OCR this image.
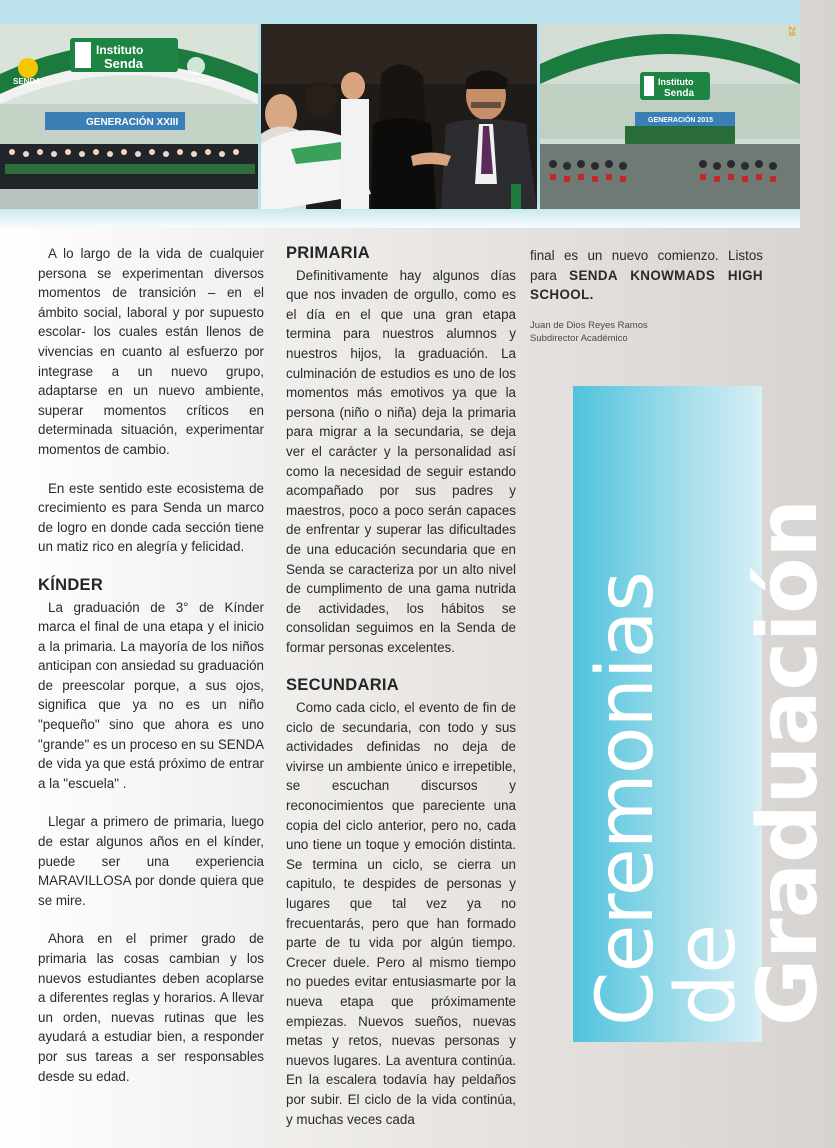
Instituto
Senda
SENDA	Think Senda
GENERACIÓN XXIII
Instituto
Senda
GENERACIÓN 2015
29

A lo largo de la vida de cualquier persona se experimentan diversos momentos de transición – en el ámbito social, laboral y por supuesto escolar- los cuales están llenos de vivencias en cuanto al esfuerzo por integrase a un nuevo grupo, adaptarse en un nuevo ambiente, superar momentos críticos en determinada situación, experimentar momentos de cambio.

En este sentido este ecosistema de crecimiento es para Senda un marco de logro en donde cada sección tiene un matiz rico en alegría y felicidad.

KÍNDER

La graduación de 3° de Kínder marca el final de una etapa y el inicio a la primaria. La mayoría de los niños anticipan con ansiedad su graduación de preescolar porque, a sus ojos, significa que ya no es un niño "pequeño" sino que ahora es uno "grande" es un proceso en su SENDA de vida ya que está próximo de entrar a la "escuela" .

Llegar a primero de primaria, luego de estar algunos años en el kínder, puede ser una experiencia MARAVILLOSA por donde quiera que se mire.

Ahora en el primer grado de primaria las cosas cambian y los nuevos estudiantes deben acoplarse a diferentes reglas y horarios. A llevar un orden, nuevas rutinas que les ayudará a estudiar bien, a responder por sus tareas a ser responsables desde su edad.

PRIMARIA

Definitivamente hay algunos días que nos invaden de orgullo, como es el día en el que una gran etapa termina para nuestros alumnos y nuestros hijos, la graduación. La culminación de estudios es uno de los momentos más emotivos ya que la persona (niño o niña) deja la primaria para migrar a la secundaria, se deja ver el carácter y la personalidad así como la necesidad de seguir estando acompañado por sus padres y maestros, poco a poco serán capaces de enfrentar y superar las dificultades de una educación secundaria que en Senda se caracteriza por un alto nivel de cumplimento de una gama nutrida de actividades, los hábitos se consolidan seguimos en la Senda de formar personas excelentes.

SECUNDARIA

Como cada ciclo, el evento de fin de ciclo de secundaria, con todo y sus actividades definidas no deja de vivirse un ambiente único e irrepetible, se escuchan discursos y reconocimientos que pareciente una copia del ciclo anterior, pero no, cada uno tiene un toque y emoción distinta. Se termina un ciclo, se cierra un capitulo, te despides de personas y lugares que tal vez ya no frecuentarás, pero que han formado parte de tu vida por algún tiempo. Crecer duele. Pero al mismo tiempo no puedes evitar entusiasmarte por la nueva etapa que próximamente empiezas. Nuevos sueños, nuevas metas y retos, nuevas personas y nuevos lugares. La aventura continúa. En la escalera todavía hay peldaños por subir. El ciclo de la vida continúa, y muchas veces cada

final es un nuevo comienzo. Listos para SENDA KNOWMADS HIGH SCHOOL.

Juan de Dios Reyes Ramos
Subdirector Académico
Ceremonias
de Graduación
